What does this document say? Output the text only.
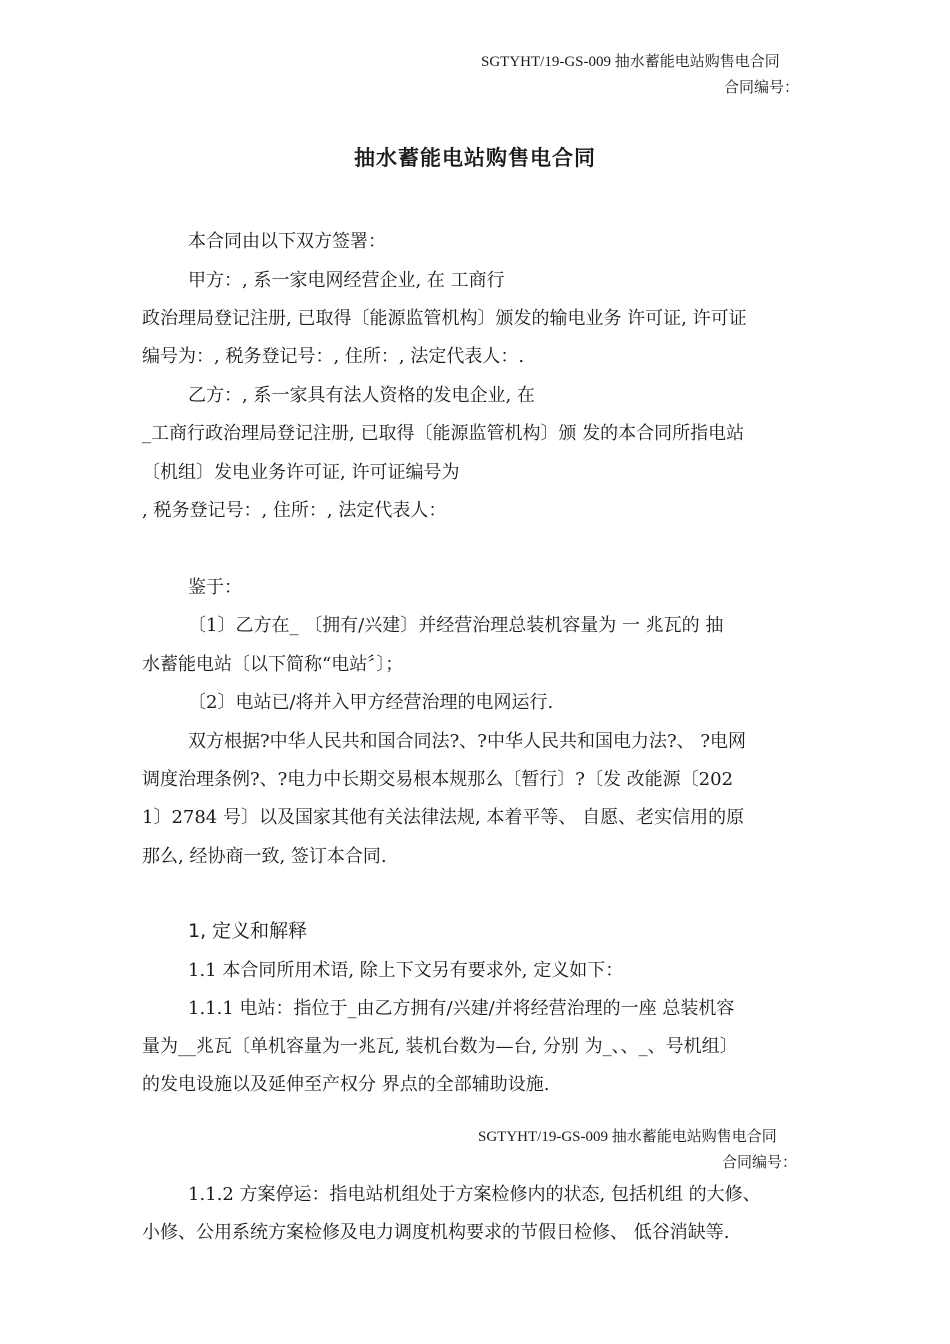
SGTYHT/19-GS-009 抽水蓄能电站购售电合同
合同编号：
抽水蓄能电站购售电合同
本合同由以下双方签署：
甲方：, 系一家电网经营企业, 在 工商行
政治理局登记注册, 已取得〔能源监管机构〕颁发的输电业务 许可证, 许可证
编号为：, 税务登记号：, 住所：, 法定代表人：.
乙方：, 系一家具有法人资格的发电企业, 在
_工商行政治理局登记注册, 已取得〔能源监管机构〕颁 发的本合同所指电站
〔机组〕发电业务许可证, 许可证编号为
, 税务登记号：, 住所：, 法定代表人：
鉴于：
〔1〕乙方在_ 〔拥有/兴建〕并经营治理总装机容量为 一 兆瓦的 抽
水蓄能电站〔以下简称“电站〞〕；
〔2〕电站已/将并入甲方经营治理的电网运行.
双方根据?中华人民共和国合同法?、?中华人民共和国电力法?、 ?电网
调度治理条例?、?电力中长期交易根本规那么〔暂行〕?〔发 改能源〔202
1〕2784 号〕以及国家其他有关法律法规, 本着平等、 自愿、老实信用的原
那么, 经协商一致, 签订本合同.
1, 定义和解释
1.1 本合同所用术语, 除上下文另有要求外, 定义如下：
1.1.1 电站：指位于_由乙方拥有/兴建/并将经营治理的一座 总装机容
量为__兆瓦〔单机容量为一兆瓦, 装机台数为—台, 分别 为_、、_、号机组〕
的发电设施以及延伸至产权分 界点的全部辅助设施.
SGTYHT/19-GS-009 抽水蓄能电站购售电合同
合同编号：
1.1.2 方案停运：指电站机组处于方案检修内的状态, 包括机组 的大修、
小修、公用系统方案检修及电力调度机构要求的节假日检修、 低谷消缺等.
